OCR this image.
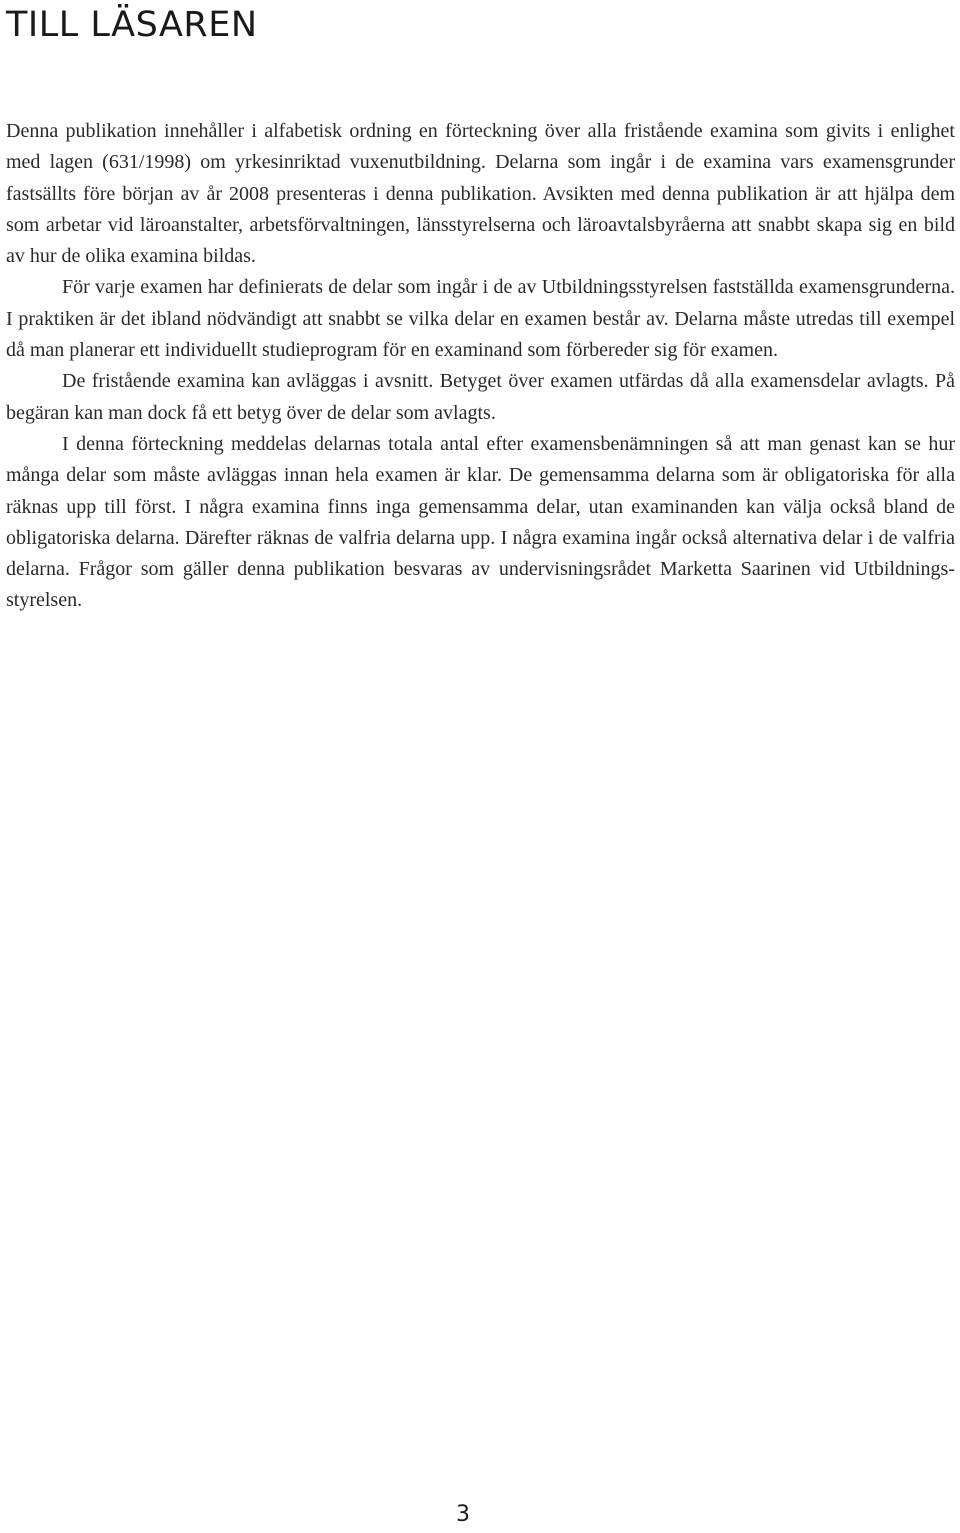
TILL LÄSAREN

Denna publikation innehåller i alfabetisk ordning en förteckning över alla fristående examina som givits i enlighet med lagen (631/1998) om yrkesinriktad vuxenutbildning. Delarna som ingår i de examina vars examensgrunder fastsällts före början av år 2008 presenteras i denna publikation. Avsikten med denna publikation är att hjälpa dem som arbetar vid läroanstalter, arbetsförvaltningen, länsstyrelserna och läroavtalsbyråerna att snabbt skapa sig en bild av hur de olika examina bildas.

För varje examen har definierats de delar som ingår i de av Utbildningsstyrelsen fastställda examensgrunderna. I praktiken är det ibland nödvändigt att snabbt se vilka delar en examen består av. Delarna måste utredas till exempel då man planerar ett individuellt studieprogram för en examinand som förbereder sig för examen.

De fristående examina kan avläggas i avsnitt. Betyget över examen utfärdas då alla examensdelar avlagts. På begäran kan man dock få ett betyg över de delar som avlagts.

I denna förteckning meddelas delarnas totala antal efter examensbenämningen så att man genast kan se hur många delar som måste avläggas innan hela examen är klar. De gemensamma delarna som är obligatoriska för alla räknas upp till först. I några examina finns inga gemensamma delar, utan examinanden kan välja också bland de obligatoriska delarna. Därefter räknas de valfria delarna upp. I några examina ingår också alternativa delar i de valfria delarna. Frågor som gäller denna publikation besvaras av undervisningsrådet Marketta Saarinen vid Utbildningsstyrelsen.

3
